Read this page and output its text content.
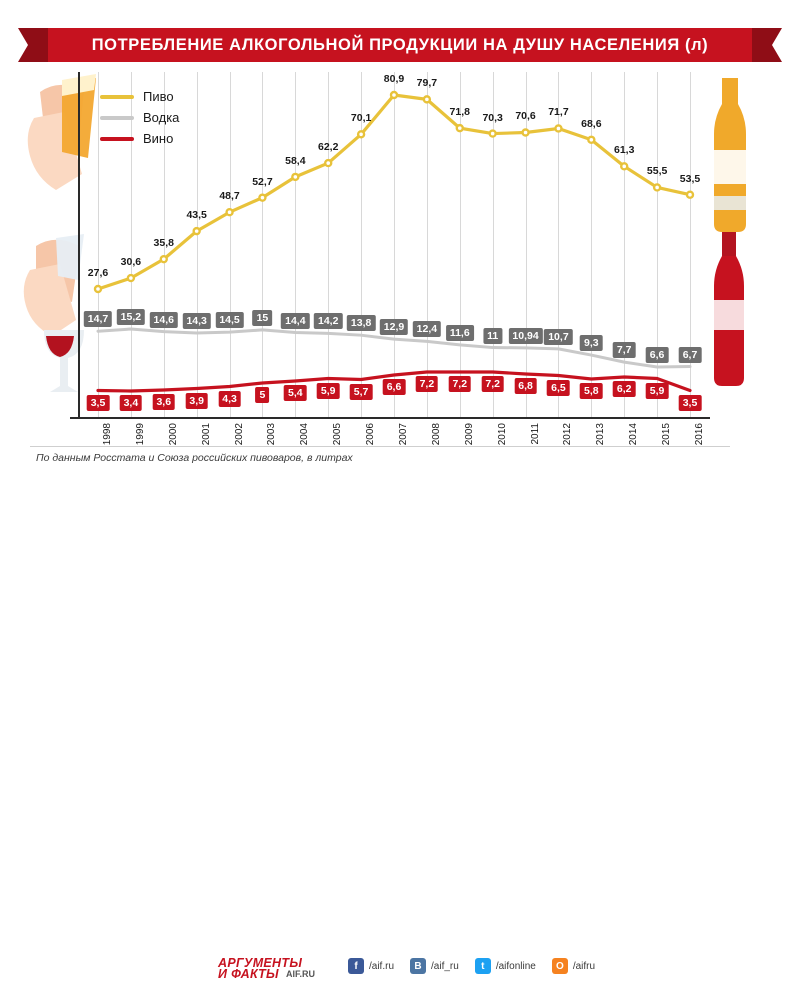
ПОТРЕБЛЕНИЕ АЛКОГОЛЬНОЙ ПРОДУКЦИИ НА ДУШУ НАСЕЛЕНИЯ (л)
27,6
30,6
35,8
43,5
48,7
52,7
58,4
62,2
70,1
80,9 79,7
71,8 70,3 70,6 71,7
68,6
61,3
55,5
53,5
14,7	15,2	14,6	14,3	14,5	15	14,4	14,2	13,8	12,9	12,4	11,6	11	10,94 10,7
9,3
7,7	6,6	6,7
3,5	3,4	3,6	3,9	4,3	5	5,4	5,9	5,7	6,6	7,2	7,2	7,2	6,8	6,5	5,8	6,2	5,9
3,5
1998 1999 2000 2001 2002 2003 2004 2005 2006 2007 2008 2009 2010 2011 2012 2013 2014 2015 2016
Пиво
Водка
Вино
По данным Росстата и Союза российских пивоваров, в литрах
АРГУМЕНТЫ
И ФАКТЫ AIF.RU
f	/aif.ru	B /aif_ru	t	/aifonline	O /aifru
